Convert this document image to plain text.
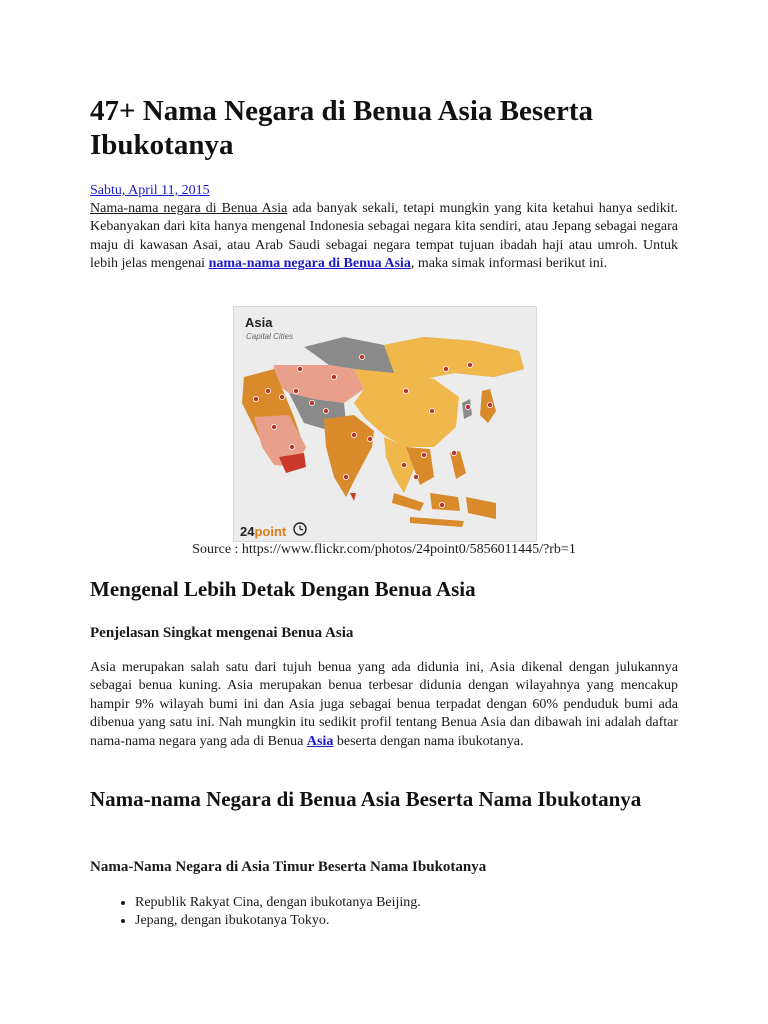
47+ Nama Negara di Benua Asia Beserta Ibukotanya
Sabtu, April 11, 2015

Nama-nama negara di Benua Asia ada banyak sekali, tetapi mungkin yang kita ketahui hanya sedikit. Kebanyakan dari kita hanya mengenal Indonesia sebagai negara kita sendiri, atau Jepang sebagai negara maju di kawasan Asai, atau Arab Saudi sebagai negara tempat tujuan ibadah haji atau umroh. Untuk lebih jelas mengenai nama-nama negara di Benua Asia, maka simak informasi berikut ini.

Asia
Capital Cities
24point

Source : https://www.flickr.com/photos/24point0/5856011445/?rb=1

Mengenal Lebih Detak Dengan Benua Asia
Penjelasan Singkat mengenai Benua Asia

Asia merupakan salah satu dari tujuh benua yang ada didunia ini, Asia dikenal dengan julukannya sebagai benua kuning. Asia merupakan benua terbesar didunia dengan wilayahnya yang mencakup hampir 9% wilayah bumi ini dan Asia juga sebagai benua terpadat dengan 60% penduduk bumi ada dibenua yang satu ini. Nah mungkin itu sedikit profil tentang Benua Asia dan dibawah ini adalah daftar nama-nama negara yang ada di Benua Asia beserta dengan nama ibukotanya.

Nama-nama Negara di Benua Asia Beserta Nama Ibukotanya
Nama-Nama Negara di Asia Timur Beserta Nama Ibukotanya
• Republik Rakyat Cina, dengan ibukotanya Beijing.
• Jepang, dengan ibukotanya Tokyo.
